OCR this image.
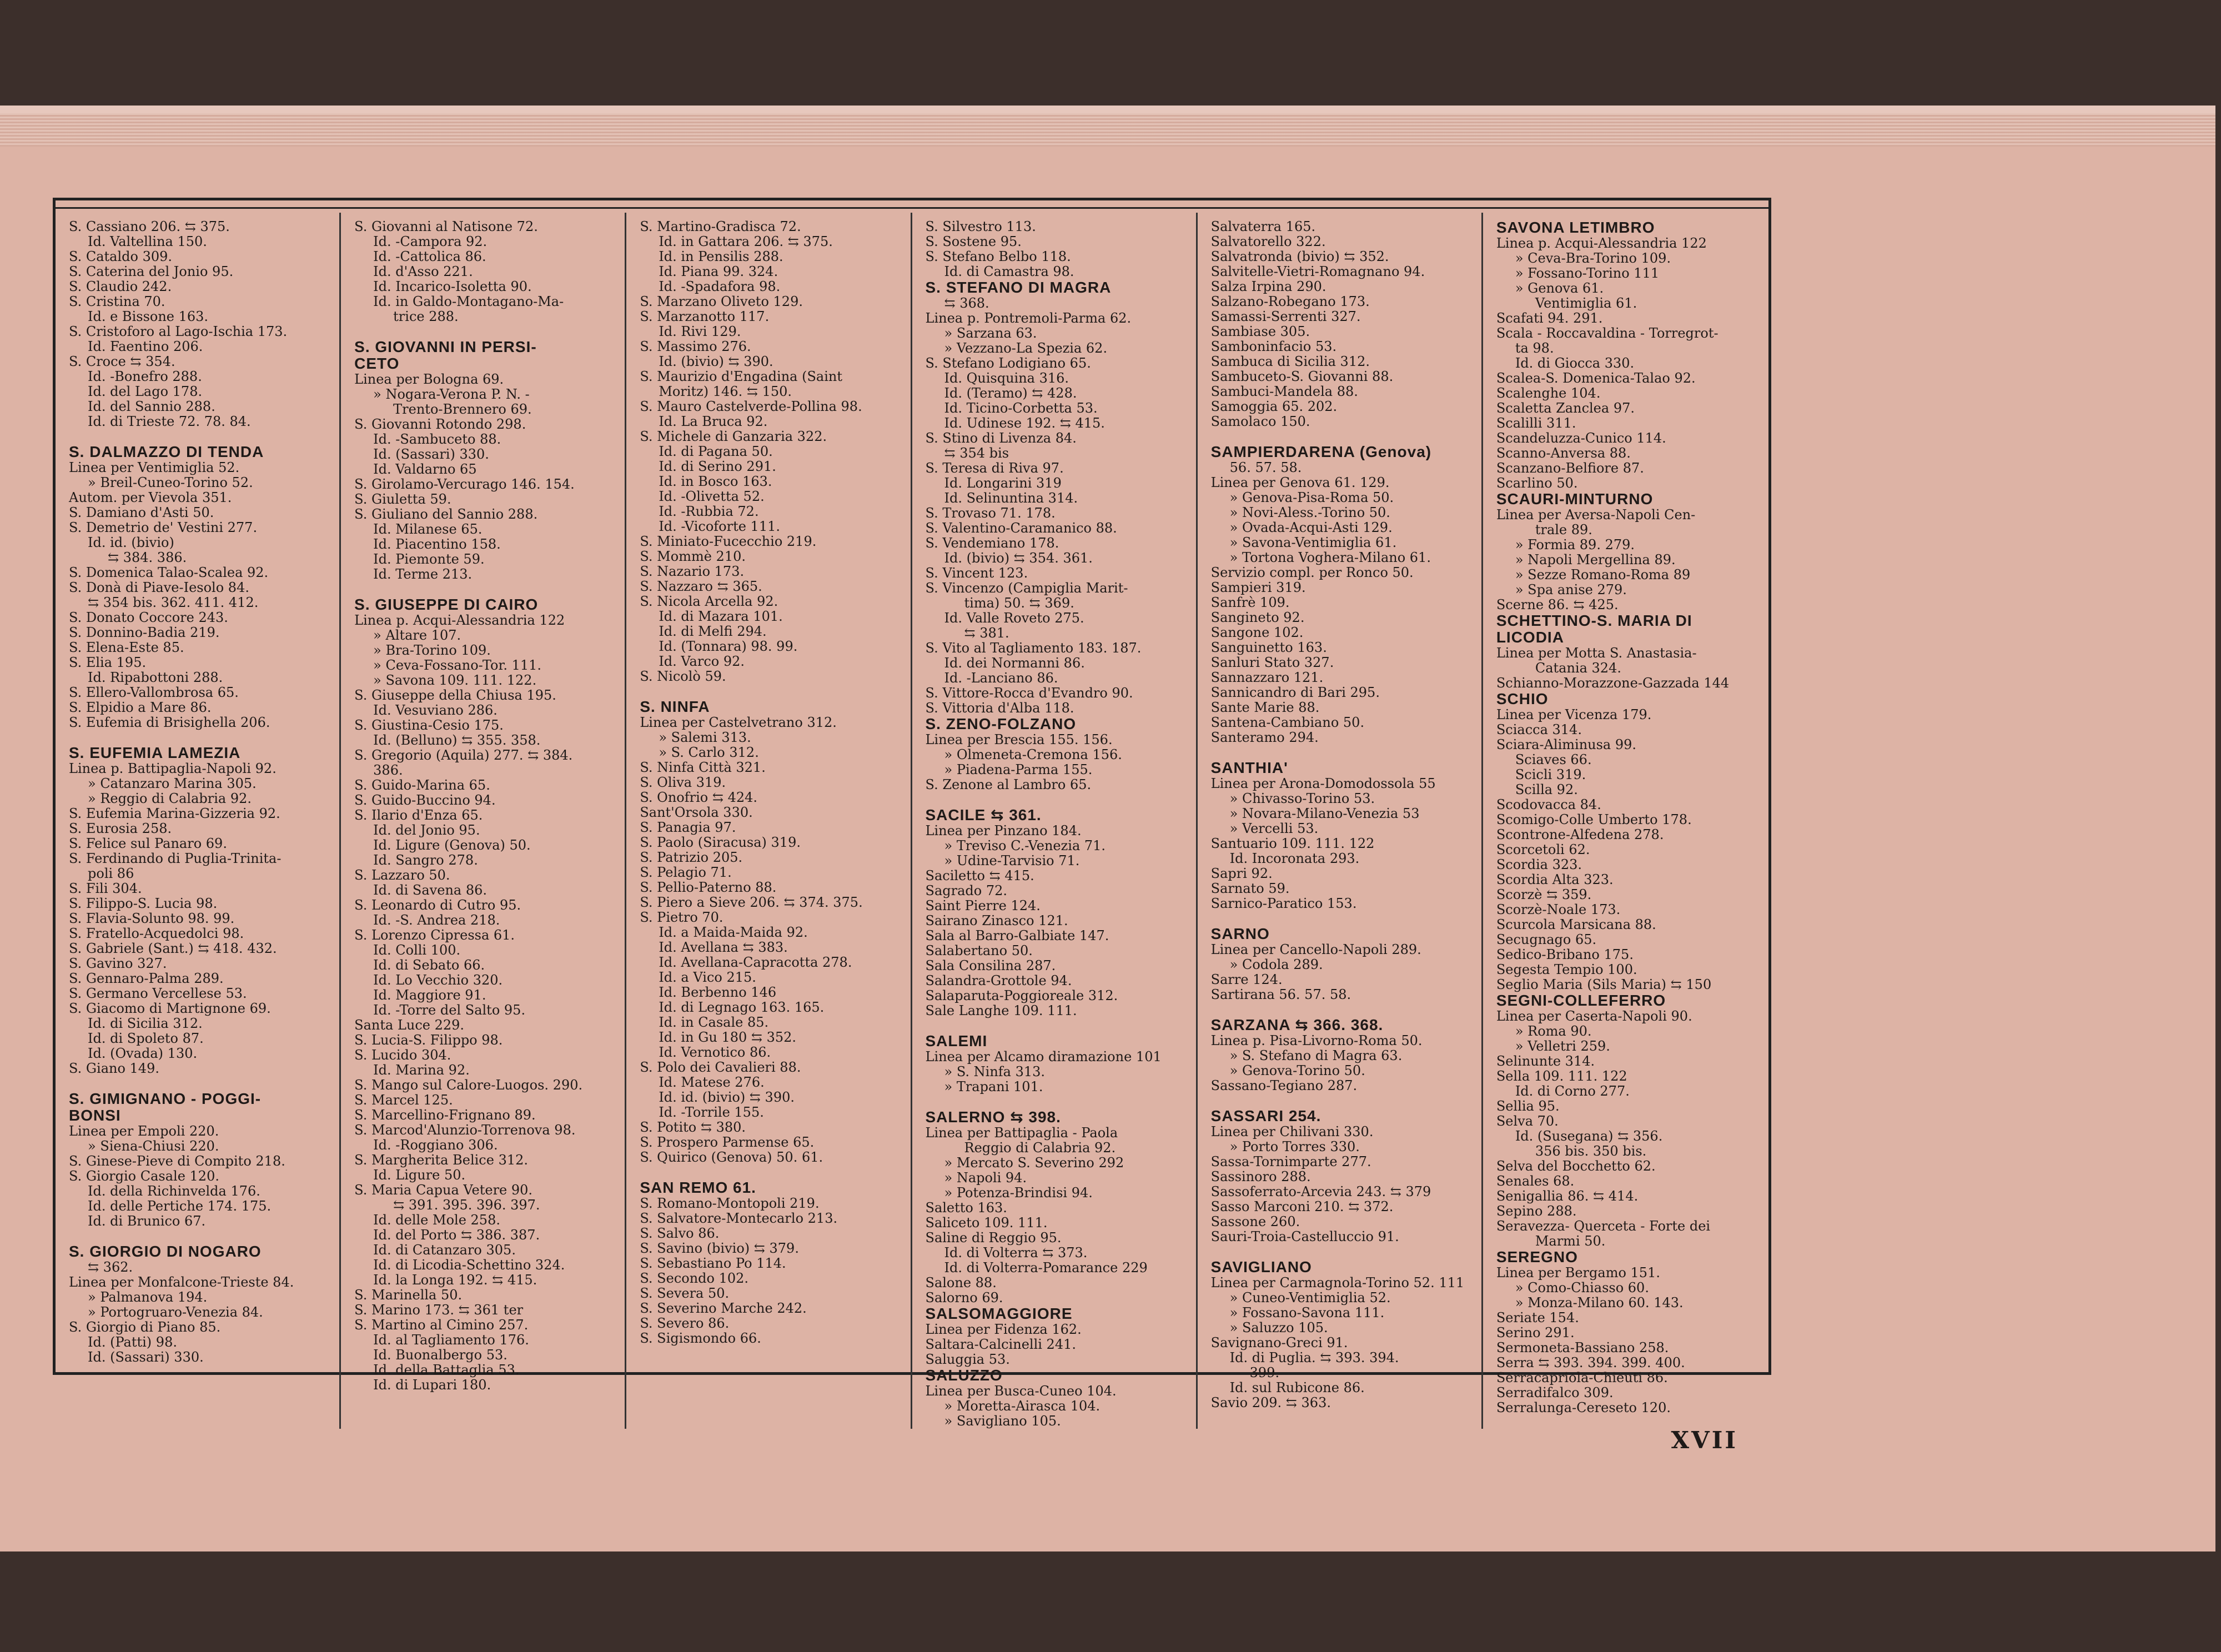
S. Cassiano 206. ⇆ 375.
Id. Valtellina 150.
S. Cataldo 309.
S. Caterina del Jonio 95.
S. Claudio 242.
S. Cristina 70.
Id. e Bissone 163.
S. Cristoforo al Lago-Ischia 173.
Id. Faentino 206.
S. Croce ⇆ 354.
Id. -Bonefro 288.
Id. del Lago 178.
Id. del Sannio 288.
Id. di Trieste 72. 78. 84.
S. DALMAZZO DI TENDA
Linea per Ventimiglia 52.
» Breil-Cuneo-Torino 52.
Autom. per Vievola 351.
S. Damiano d'Asti 50.
S. Demetrio de' Vestini 277.
Id. id. (bivio)
⇆ 384. 386.
S. Domenica Talao-Scalea 92.
S. Donà di Piave-Iesolo 84.
⇆ 354 bis. 362. 411. 412.
S. Donato Coccore 243.
S. Donnino-Badia 219.
S. Elena-Este 85.
S. Elia 195.
Id. Ripabottoni 288.
S. Ellero-Vallombrosa 65.
S. Elpidio a Mare 86.
S. Eufemia di Brisighella 206.
S. EUFEMIA LAMEZIA
Linea p. Battipaglia-Napoli 92.
» Catanzaro Marina 305.
» Reggio di Calabria 92.
S. Eufemia Marina-Gizzeria 92.
S. Eurosia 258.
S. Felice sul Panaro 69.
S. Ferdinando di Puglia-Trinita-
poli 86
S. Fili 304.
S. Filippo-S. Lucia 98.
S. Flavia-Solunto 98. 99.
S. Fratello-Acquedolci 98.
S. Gabriele (Sant.) ⇆ 418. 432.
S. Gavino 327.
S. Gennaro-Palma 289.
S. Germano Vercellese 53.
S. Giacomo di Martignone 69.
Id. di Sicilia 312.
Id. di Spoleto 87.
Id. (Ovada) 130.
S. Giano 149.
S. GIMIGNANO - POGGI-
BONSI
Linea per Empoli 220.
» Siena-Chiusi 220.
S. Ginese-Pieve di Compito 218.
S. Giorgio Casale 120.
Id. della Richinvelda 176.
Id. delle Pertiche 174. 175.
Id. di Brunico 67.
S. GIORGIO DI NOGARO
⇆ 362.
Linea per Monfalcone-Trieste 84.
» Palmanova 194.
» Portogruaro-Venezia 84.
S. Giorgio di Piano 85.
Id. (Patti) 98.
Id. (Sassari) 330.
S. Giovanni al Natisone 72.
Id. -Campora 92.
Id. -Cattolica 86.
Id. d'Asso 221.
Id. Incarico-Isoletta 90.
Id. in Galdo-Montagano-Ma-
trice 288.
S. GIOVANNI IN PERSI-
CETO
Linea per Bologna 69.
» Nogara-Verona P. N. -
Trento-Brennero 69.
S. Giovanni Rotondo 298.
Id. -Sambuceto 88.
Id. (Sassari) 330.
Id. Valdarno 65
S. Girolamo-Vercurago 146. 154.
S. Giuletta 59.
S. Giuliano del Sannio 288.
Id. Milanese 65.
Id. Piacentino 158.
Id. Piemonte 59.
Id. Terme 213.
S. GIUSEPPE DI CAIRO
Linea p. Acqui-Alessandria 122
» Altare 107.
» Bra-Torino 109.
» Ceva-Fossano-Tor. 111.
» Savona 109. 111. 122.
S. Giuseppe della Chiusa 195.
Id. Vesuviano 286.
S. Giustina-Cesio 175.
Id. (Belluno) ⇆ 355. 358.
S. Gregorio (Aquila) 277. ⇆ 384.
386.
S. Guido-Marina 65.
S. Guido-Buccino 94.
S. Ilario d'Enza 65.
Id. del Jonio 95.
Id. Ligure (Genova) 50.
Id. Sangro 278.
S. Lazzaro 50.
Id. di Savena 86.
S. Leonardo di Cutro 95.
Id. -S. Andrea 218.
S. Lorenzo Cipressa 61.
Id. Colli 100.
Id. di Sebato 66.
Id. Lo Vecchio 320.
Id. Maggiore 91.
Id. -Torre del Salto 95.
Santa Luce 229.
S. Lucia-S. Filippo 98.
S. Lucido 304.
Id. Marina 92.
S. Mango sul Calore-Luogos. 290.
S. Marcel 125.
S. Marcellino-Frignano 89.
S. Marcod'Alunzio-Torrenova 98.
Id. -Roggiano 306.
S. Margherita Belice 312.
Id. Ligure 50.
S. Maria Capua Vetere 90.
⇆ 391. 395. 396. 397.
Id. delle Mole 258.
Id. del Porto ⇆ 386. 387.
Id. di Catanzaro 305.
Id. di Licodia-Schettino 324.
Id. la Longa 192. ⇆ 415.
S. Marinella 50.
S. Marino 173. ⇆ 361 ter
S. Martino al Cimino 257.
Id. al Tagliamento 176.
Id. Buonalbergo 53.
Id. della Battaglia 53.
Id. di Lupari 180.
S. Martino-Gradisca 72.
Id. in Gattara 206. ⇆ 375.
Id. in Pensilis 288.
Id. Piana 99. 324.
Id. -Spadafora 98.
S. Marzano Oliveto 129.
S. Marzanotto 117.
Id. Rivi 129.
S. Massimo 276.
Id. (bivio) ⇆ 390.
S. Maurizio d'Engadina (Saint
Moritz) 146. ⇆ 150.
S. Mauro Castelverde-Pollina 98.
Id. La Bruca 92.
S. Michele di Ganzaria 322.
Id. di Pagana 50.
Id. di Serino 291.
Id. in Bosco 163.
Id. -Olivetta 52.
Id. -Rubbia 72.
Id. -Vicoforte 111.
S. Miniato-Fucecchio 219.
S. Mommè 210.
S. Nazario 173.
S. Nazzaro ⇆ 365.
S. Nicola Arcella 92.
Id. di Mazara 101.
Id. di Melfi 294.
Id. (Tonnara) 98. 99.
Id. Varco 92.
S. Nicolò 59.
S. NINFA
Linea per Castelvetrano 312.
» Salemi 313.
» S. Carlo 312.
S. Ninfa Città 321.
S. Oliva 319.
S. Onofrio ⇆ 424.
Sant'Orsola 330.
S. Panagia 97.
S. Paolo (Siracusa) 319.
S. Patrizio 205.
S. Pelagio 71.
S. Pellio-Paterno 88.
S. Piero a Sieve 206. ⇆ 374. 375.
S. Pietro 70.
Id. a Maida-Maida 92.
Id. Avellana ⇆ 383.
Id. Avellana-Capracotta 278.
Id. a Vico 215.
Id. Berbenno 146
Id. di Legnago 163. 165.
Id. in Casale 85.
Id. in Gu 180 ⇆ 352.
Id. Vernotico 86.
S. Polo dei Cavalieri 88.
Id. Matese 276.
Id. id. (bivio) ⇆ 390.
Id. -Torrile 155.
S. Potito ⇆ 380.
S. Prospero Parmense 65.
S. Quirico (Genova) 50. 61.
SAN REMO 61.
S. Romano-Montopoli 219.
S. Salvatore-Montecarlo 213.
S. Salvo 86.
S. Savino (bivio) ⇆ 379.
S. Sebastiano Po 114.
S. Secondo 102.
S. Severa 50.
S. Severino Marche 242.
S. Severo 86.
S. Sigismondo 66.
S. Silvestro 113.
S. Sostene 95.
S. Stefano Belbo 118.
Id. di Camastra 98.
S. STEFANO DI MAGRA
⇆ 368.
Linea p. Pontremoli-Parma 62.
» Sarzana 63.
» Vezzano-La Spezia 62.
S. Stefano Lodigiano 65.
Id. Quisquina 316.
Id. (Teramo) ⇆ 428.
Id. Ticino-Corbetta 53.
Id. Udinese 192. ⇆ 415.
S. Stino di Livenza 84.
⇆ 354 bis
S. Teresa di Riva 97.
Id. Longarini 319
Id. Selinuntina 314.
S. Trovaso 71. 178.
S. Valentino-Caramanico 88.
S. Vendemiano 178.
Id. (bivio) ⇆ 354. 361.
S. Vincent 123.
S. Vincenzo (Campiglia Marit-
tima) 50. ⇆ 369.
Id. Valle Roveto 275.
⇆ 381.
S. Vito al Tagliamento 183. 187.
Id. dei Normanni 86.
Id. -Lanciano 86.
S. Vittore-Rocca d'Evandro 90.
S. Vittoria d'Alba 118.
S. ZENO-FOLZANO
Linea per Brescia 155. 156.
» Olmeneta-Cremona 156.
» Piadena-Parma 155.
S. Zenone al Lambro 65.
SACILE ⇆ 361.
Linea per Pinzano 184.
» Treviso C.-Venezia 71.
» Udine-Tarvisio 71.
Saciletto ⇆ 415.
Sagrado 72.
Saint Pierre 124.
Sairano Zinasco 121.
Sala al Barro-Galbiate 147.
Salabertano 50.
Sala Consilina 287.
Salandra-Grottole 94.
Salaparuta-Poggioreale 312.
Sale Langhe 109. 111.
SALEMI
Linea per Alcamo diramazione 101
» S. Ninfa 313.
» Trapani 101.
SALERNO ⇆ 398.
Linea per Battipaglia - Paola
Reggio di Calabria 92.
» Mercato S. Severino 292
» Napoli 94.
» Potenza-Brindisi 94.
Saletto 163.
Saliceto 109. 111.
Saline di Reggio 95.
Id. di Volterra ⇆ 373.
Id. di Volterra-Pomarance 229
Salone 88.
Salorno 69.
SALSOMAGGIORE
Linea per Fidenza 162.
Saltara-Calcinelli 241.
Saluggia 53.
SALUZZO
Linea per Busca-Cuneo 104.
» Moretta-Airasca 104.
» Savigliano 105.
Salvaterra 165.
Salvatorello 322.
Salvatronda (bivio) ⇆ 352.
Salvitelle-Vietri-Romagnano 94.
Salza Irpina 290.
Salzano-Robegano 173.
Samassi-Serrenti 327.
Sambiase 305.
Samboninfacio 53.
Sambuca di Sicilia 312.
Sambuceto-S. Giovanni 88.
Sambuci-Mandela 88.
Samoggia 65. 202.
Samolaco 150.
SAMPIERDARENA (Genova)
56. 57. 58.
Linea per Genova 61. 129.
» Genova-Pisa-Roma 50.
» Novi-Aless.-Torino 50.
» Ovada-Acqui-Asti 129.
» Savona-Ventimiglia 61.
» Tortona Voghera-Milano 61.
Servizio compl. per Ronco 50.
Sampieri 319.
Sanfrè 109.
Sangineto 92.
Sangone 102.
Sanguinetto 163.
Sanluri Stato 327.
Sannazzaro 121.
Sannicandro di Bari 295.
Sante Marie 88.
Santena-Cambiano 50.
Santeramo 294.
SANTHIA'
Linea per Arona-Domodossola 55
» Chivasso-Torino 53.
» Novara-Milano-Venezia 53
» Vercelli 53.
Santuario 109. 111. 122
Id. Incoronata 293.
Sapri 92.
Sarnato 59.
Sarnico-Paratico 153.
SARNO
Linea per Cancello-Napoli 289.
» Codola 289.
Sarre 124.
Sartirana 56. 57. 58.
SARZANA ⇆ 366. 368.
Linea p. Pisa-Livorno-Roma 50.
» S. Stefano di Magra 63.
» Genova-Torino 50.
Sassano-Tegiano 287.
SASSARI 254.
Linea per Chilivani 330.
» Porto Torres 330.
Sassa-Tornimparte 277.
Sassinoro 288.
Sassoferrato-Arcevia 243. ⇆ 379
Sasso Marconi 210. ⇆ 372.
Sassone 260.
Sauri-Troia-Castelluccio 91.
SAVIGLIANO
Linea per Carmagnola-Torino 52. 111
» Cuneo-Ventimiglia 52.
» Fossano-Savona 111.
» Saluzzo 105.
Savignano-Greci 91.
Id. di Puglia. ⇆ 393. 394.
399.
Id. sul Rubicone 86.
Savio 209. ⇆ 363.
SAVONA LETIMBRO
Linea p. Acqui-Alessandria 122
» Ceva-Bra-Torino 109.
» Fossano-Torino 111
» Genova 61.
Ventimiglia 61.
Scafati 94. 291.
Scala - Roccavaldina - Torregrot-
ta 98.
Id. di Giocca 330.
Scalea-S. Domenica-Talao 92.
Scalenghe 104.
Scaletta Zanclea 97.
Scalilli 311.
Scandeluzza-Cunico 114.
Scanno-Anversa 88.
Scanzano-Belfiore 87.
Scarlino 50.
SCAURI-MINTURNO
Linea per Aversa-Napoli Cen-
trale 89.
» Formia 89. 279.
» Napoli Mergellina 89.
» Sezze Romano-Roma 89
» Spa anise 279.
Scerne 86. ⇆ 425.
SCHETTINO-S. MARIA DI
LICODIA
Linea per Motta S. Anastasia-
Catania 324.
Schianno-Morazzone-Gazzada 144
SCHIO
Linea per Vicenza 179.
Sciacca 314.
Sciara-Aliminusa 99.
Sciaves 66.
Scicli 319.
Scilla 92.
Scodovacca 84.
Scomigo-Colle Umberto 178.
Scontrone-Alfedena 278.
Scorcetoli 62.
Scordia 323.
Scordia Alta 323.
Scorzè ⇆ 359.
Scorzè-Noale 173.
Scurcola Marsicana 88.
Secugnago 65.
Sedico-Bribano 175.
Segesta Tempio 100.
Seglio Maria (Sils Maria) ⇆ 150
SEGNI-COLLEFERRO
Linea per Caserta-Napoli 90.
» Roma 90.
» Velletri 259.
Selinunte 314.
Sella 109. 111. 122
Id. di Corno 277.
Sellia 95.
Selva 70.
Id. (Susegana) ⇆ 356.
356 bis. 350 bis.
Selva del Bocchetto 62.
Senales 68.
Senigallia 86. ⇆ 414.
Sepino 288.
Seravezza- Querceta - Forte dei
Marmi 50.
SEREGNO
Linea per Bergamo 151.
» Como-Chiasso 60.
» Monza-Milano 60. 143.
Seriate 154.
Serino 291.
Sermoneta-Bassiano 258.
Serra ⇆ 393. 394. 399. 400.
Serracapriola-Chieuti 86.
Serradifalco 309.
Serralunga-Cereseto 120.
XVII
